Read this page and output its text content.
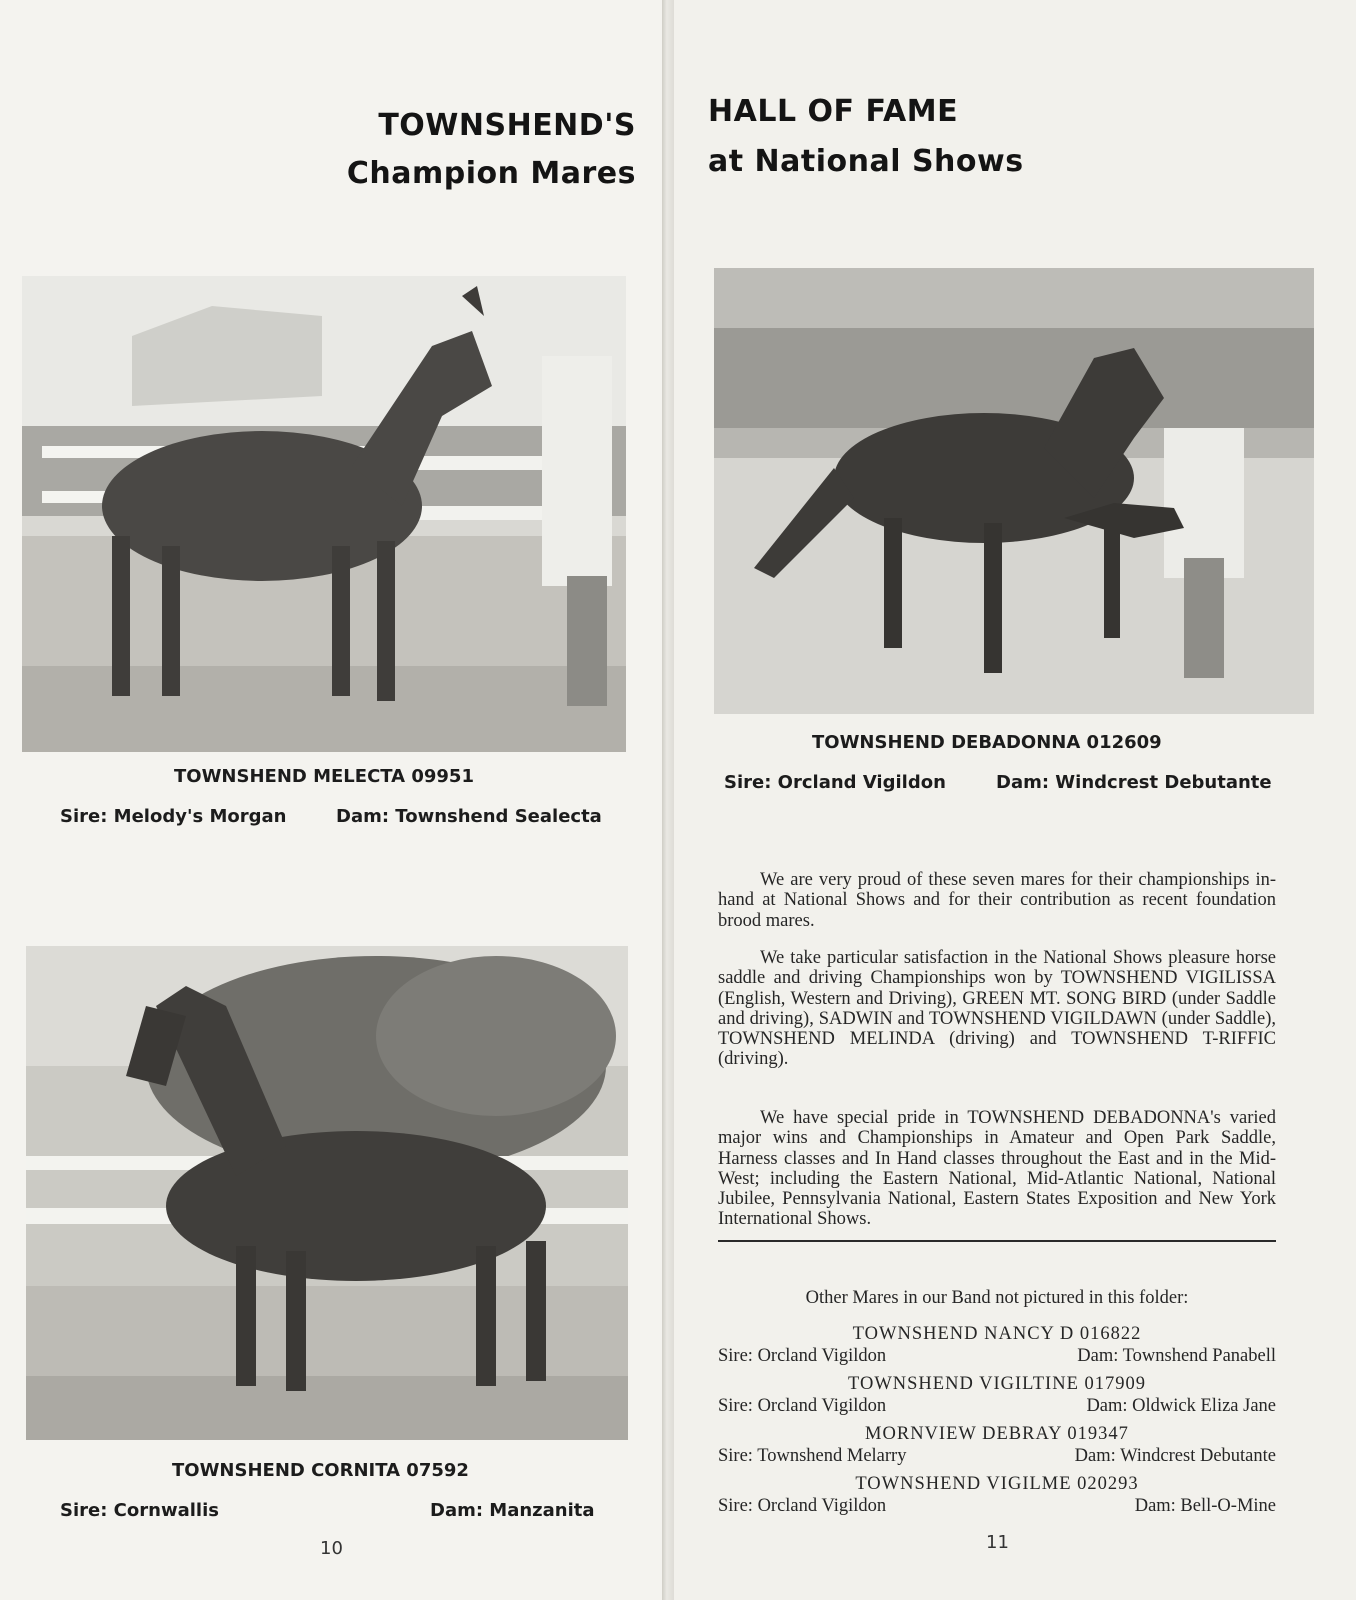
TOWNSHEND'S
Champion Mares
TOWNSHEND MELECTA 09951
Sire: Melody's Morgan	Dam: Townshend Sealecta
TOWNSHEND CORNITA 07592
Sire: Cornwallis	Dam: Manzanita
10
HALL OF FAME
at National Shows
TOWNSHEND DEBADONNA 012609
Sire: Orcland Vigildon	Dam: Windcrest Debutante

We are very proud of these seven mares for their championships in-hand at National Shows and for their contribution as recent foundation brood mares.

We take particular satisfaction in the National Shows pleasure horse saddle and driving Championships won by TOWNSHEND VIGILISSA (English, Western and Driving), GREEN MT. SONG BIRD (under Saddle and driving), SADWIN and TOWNSHEND VIGILDAWN (under Saddle), TOWNSHEND MELINDA (driving) and TOWNSHEND T-RIFFIC (driving).

We have special pride in TOWNSHEND DEBADONNA's varied major wins and Championships in Amateur and Open Park Saddle, Harness classes and In Hand classes throughout the East and in the Mid-West; including the Eastern National, Mid-Atlantic National, National Jubilee, Pennsylvania National, Eastern States Exposition and New York International Shows.

Other Mares in our Band not pictured in this folder:
TOWNSHEND NANCY D 016822
Sire: Orcland Vigildon	Dam: Townshend Panabell
TOWNSHEND VIGILTINE 017909
Sire: Orcland Vigildon	Dam: Oldwick Eliza Jane
MORNVIEW DEBRAY 019347
Sire: Townshend Melarry	Dam: Windcrest Debutante
TOWNSHEND VIGILME 020293
Sire: Orcland Vigildon	Dam: Bell-O-Mine
11
